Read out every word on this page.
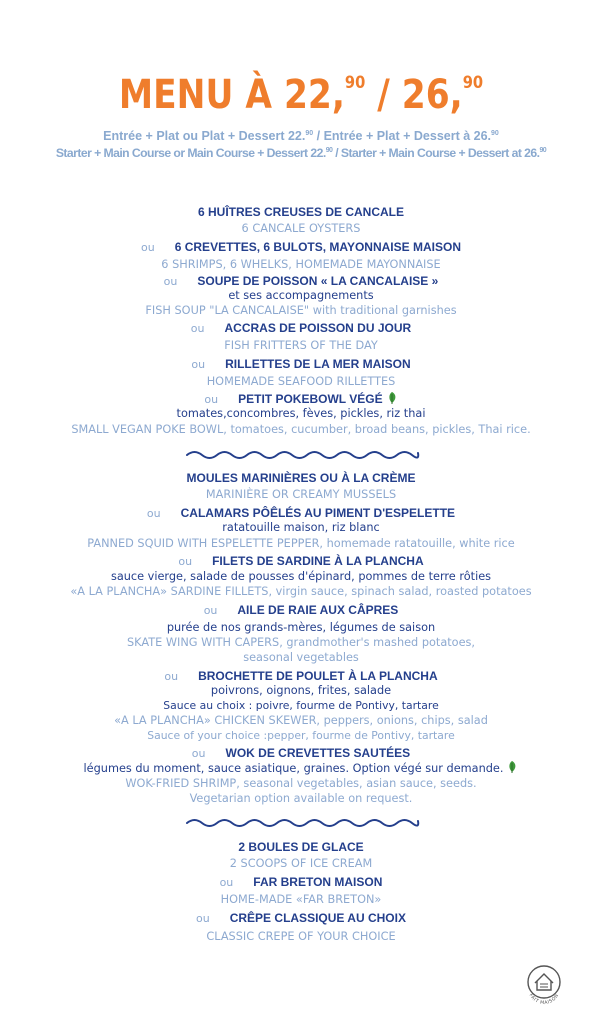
MENU À 22,90 / 26,90
Entrée + Plat ou Plat + Dessert 22.90 / Entrée + Plat + Dessert à 26.90
Starter + Main Course or Main Course + Dessert 22.90 / Starter + Main Course + Dessert at 26.90
6 HUÎTRES CREUSES DE CANCALE
6 CANCALE OYSTERS
ou 6 CREVETTES, 6 BULOTS, MAYONNAISE MAISON
6 SHRIMPS, 6 WHELKS, HOMEMADE MAYONNAISE
ou SOUPE DE POISSON « LA CANCALAISE »
et ses accompagnements
FISH SOUP "LA CANCALAISE" with traditional garnishes
ou ACCRAS DE POISSON DU JOUR
FISH FRITTERS OF THE DAY
ou RILLETTES DE LA MER MAISON
HOMEMADE SEAFOOD RILLETTES
ou PETIT POKEBOWL VÉGÉ
tomates,concombres, fèves, pickles, riz thai
SMALL VEGAN POKE BOWL, tomatoes, cucumber, broad beans, pickles, Thai rice.
MOULES MARINIÈRES OU À LA CRÈME
MARINIÈRE OR CREAMY MUSSELS
ou CALAMARS PÔÊLÉS AU PIMENT D'ESPELETTE
ratatouille maison, riz blanc
PANNED SQUID WITH ESPELETTE PEPPER, homemade ratatouille, white rice
ou FILETS DE SARDINE À LA PLANCHA
sauce vierge, salade de pousses d'épinard, pommes de terre rôties
«A LA PLANCHA» SARDINE FILLETS, virgin sauce, spinach salad, roasted potatoes
ou AILE DE RAIE AUX CÂPRES
purée de nos grands-mères, légumes de saison
SKATE WING WITH CAPERS, grandmother's mashed potatoes,
seasonal vegetables
ou BROCHETTE DE POULET À LA PLANCHA
poivrons, oignons, frites, salade
Sauce au choix : poivre, fourme de Pontivy, tartare
«A LA PLANCHA» CHICKEN SKEWER, peppers, onions, chips, salad
Sauce of your choice :pepper, fourme de Pontivy, tartare
ou WOK DE CREVETTES SAUTÉES
légumes du moment, sauce asiatique, graines. Option végé sur demande.
WOK-FRIED SHRIMP, seasonal vegetables, asian sauce, seeds.
Vegetarian option available on request.
2 BOULES DE GLACE
2 SCOOPS OF ICE CREAM
ou FAR BRETON MAISON
HOME-MADE «FAR BRETON»
ou CRÊPE CLASSIQUE AU CHOIX
CLASSIC CREPE OF YOUR CHOICE
FAIT MAISON
